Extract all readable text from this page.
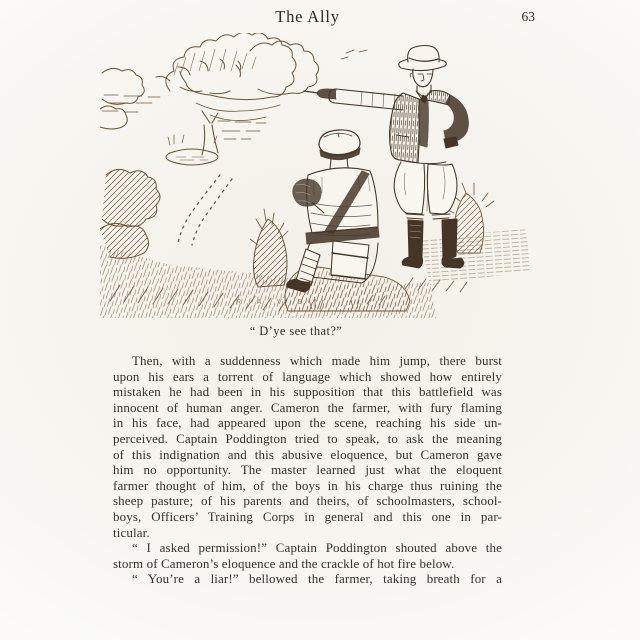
The Ally	63
R A V S
“ D’ye see that?”
Then, with a suddenness which made him jump, there burst
upon his ears a torrent of language which showed how entirely
mistaken he had been in his supposition that this battlefield was
innocent of human anger. Cameron the farmer, with fury flaming
in his face, had appeared upon the scene, reaching his side un-
perceived. Captain Poddington tried to speak, to ask the meaning
of this indignation and this abusive eloquence, but Cameron gave
him no opportunity. The master learned just what the eloquent
farmer thought of him, of the boys in his charge thus ruining the
sheep pasture; of his parents and theirs, of schoolmasters, school-
boys, Officers’ Training Corps in general and this one in par-
ticular.
“ I asked permission!” Captain Poddington shouted above the
storm of Cameron’s eloquence and the crackle of hot fire below.
“ You’re a liar!” bellowed the farmer, taking breath for a
